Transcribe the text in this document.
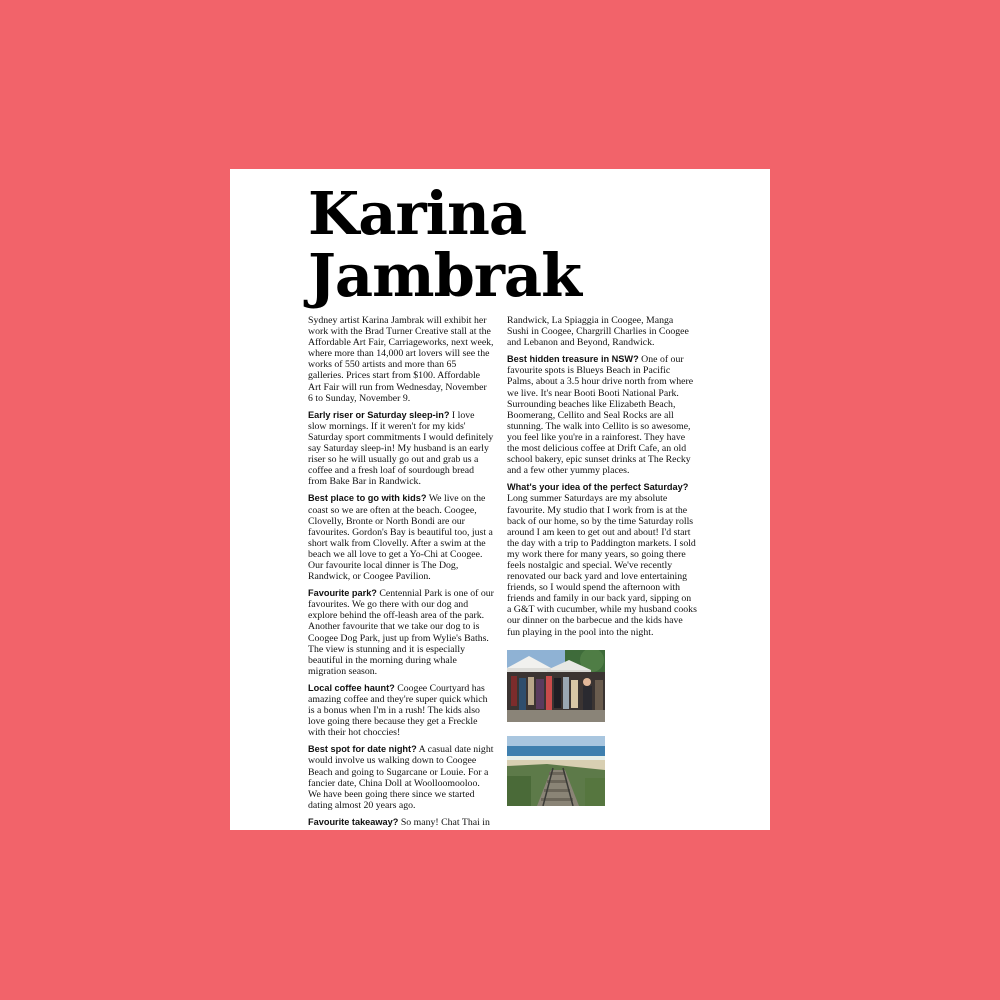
Karina
Jambrak

Sydney artist Karina Jambrak will exhibit her work with the Brad Turner Creative stall at the Affordable Art Fair, Carriageworks, next week, where more than 14,000 art lovers will see the works of 550 artists and more than 65 galleries. Prices start from $100. Affordable Art Fair will run from Wednesday, November 6 to Sunday, November 9.

Early riser or Saturday sleep-in? I love slow mornings. If it weren't for my kids' Saturday sport commitments I would definitely say Saturday sleep-in! My husband is an early riser so he will usually go out and grab us a coffee and a fresh loaf of sourdough bread from Bake Bar in Randwick.

Best place to go with kids? We live on the coast so we are often at the beach. Coogee, Clovelly, Bronte or North Bondi are our favourites. Gordon's Bay is beautiful too, just a short walk from Clovelly. After a swim at the beach we all love to get a Yo-Chi at Coogee. Our favourite local dinner is The Dog, Randwick, or Coogee Pavilion.

Favourite park? Centennial Park is one of our favourites. We go there with our dog and explore behind the off-leash area of the park. Another favourite that we take our dog to is Coogee Dog Park, just up from Wylie's Baths. The view is stunning and it is especially beautiful in the morning during whale migration season.

Local coffee haunt? Coogee Courtyard has amazing coffee and they're super quick which is a bonus when I'm in a rush! The kids also love going there because they get a Freckle with their hot choccies!

Best spot for date night? A casual date night would involve us walking down to Coogee Beach and going to Sugarcane or Louie. For a fancier date, China Doll at Woolloomooloo. We have been going there since we started dating almost 20 years ago.

Favourite takeaway? So many! Chat Thai in

Randwick, La Spiaggia in Coogee, Manga Sushi in Coogee, Chargrill Charlies in Coogee and Lebanon and Beyond, Randwick.

Best hidden treasure in NSW? One of our favourite spots is Blueys Beach in Pacific Palms, about a 3.5 hour drive north from where we live. It's near Booti Booti National Park. Surrounding beaches like Elizabeth Beach, Boomerang, Cellito and Seal Rocks are all stunning. The walk into Cellito is so awesome, you feel like you're in a rainforest. They have the most delicious coffee at Drift Cafe, an old school bakery, epic sunset drinks at The Recky and a few other yummy places.

What's your idea of the perfect Saturday?
Long summer Saturdays are my absolute favourite. My studio that I work from is at the back of our home, so by the time Saturday rolls around I am keen to get out and about! I'd start the day with a trip to Paddington markets. I sold my work there for many years, so going there feels nostalgic and special. We've recently renovated our back yard and love entertaining friends, so I would spend the afternoon with friends and family in our back yard, sipping on a G&T with cucumber, while my husband cooks our dinner on the barbecue and the kids have fun playing in the pool into the night.
